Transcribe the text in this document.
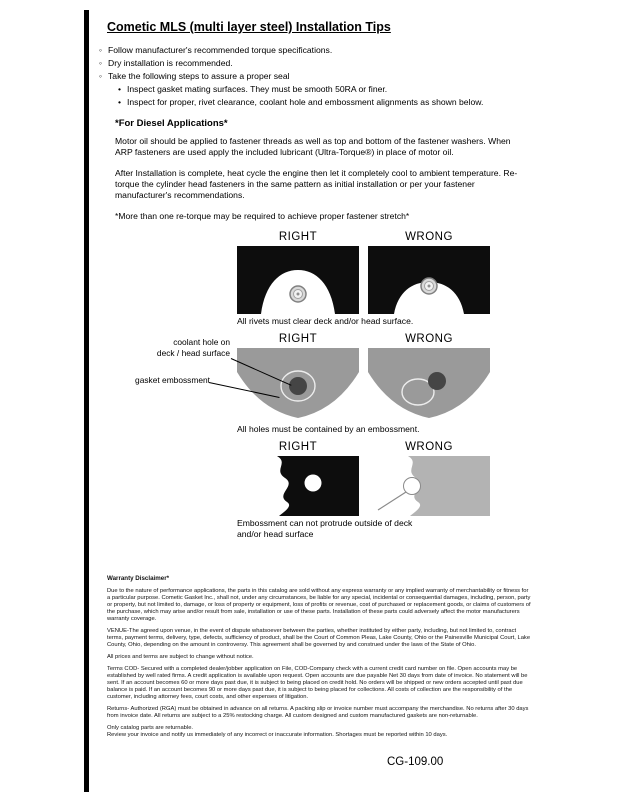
Cometic MLS (multi layer steel) Installation Tips
◦ Follow manufacturer's recommended torque specifications.
◦ Dry installation is recommended.
◦ Take the following steps to assure a proper seal
• Inspect gasket mating surfaces. They must be smooth 50RA or finer.
• Inspect for proper, rivet clearance, coolant hole and embossment alignments as shown below.
*For Diesel Applications*

Motor oil should be applied to fastener threads as well as top and bottom of the fastener washers. When ARP fasteners are used apply the included lubricant (Ultra-Torque®) in place of motor oil.

After Installation is complete, heat cycle the engine then let it completely cool to ambient temperature. Re-torque the cylinder head fasteners in the same pattern as initial installation or per your fastener manufacturer's recommendations.

*More than one re-torque may be required to achieve proper fastener stretch*

RIGHT	WRONG
All rivets must clear deck and/or head surface.
coolant hole on
deck / head surface
gasket embossment
RIGHT	WRONG
All holes must be contained by an embossment.
RIGHT	WRONG
Embossment can not protrude outside of deck and/or head surface
Warranty Disclaimer*

Due to the nature of performance applications, the parts in this catalog are sold without any express warranty or any implied warranty of merchantability or fitness for a particular purpose. Cometic Gasket Inc., shall not, under any circumstances, be liable for any special, incidental or consequential damages, including, person, party or property, but not limited to, damage, or loss of property or equipment, loss of profits or revenue, cost of purchased or replacement goods, or claims of customers of the purchase, which may arise and/or result from sale, installation or use of these parts. Installation of these parts could adversely affect the motor manufacturers warranty coverage.

VENUE-The agreed upon venue, in the event of dispute whatsoever between the parties, whether instituted by either party, including, but not limited to, contract terms, payment terms, delivery, type, defects, sufficiency of product, shall be the Court of Common Pleas, Lake County, Ohio or the Painesville Municipal Court, Lake County, Ohio, depending on the amount in controversy. This agreement shall be governed by and construed under the laws of the State of Ohio.

All prices and terms are subject to change without notice.

Terms COD- Secured with a completed dealer/jobber application on File, COD-Company check with a current credit card number on file. Open accounts may be established by well rated firms. A credit application is available upon request. Open accounts are due payable Net 30 days from date of invoice. No statement will be sent. If an account becomes 60 or more days past due, it is subject to being placed on credit hold. No orders will be shipped or new orders accepted until past due balance is paid. If an account becomes 90 or more days past due, it is subject to being placed for collections. All costs of collection are the responsibility of the customer, including attorney fees, court costs, and other expenses of litigation.

Returns- Authorized (RGA) must be obtained in advance on all returns. A packing slip or invoice number must accompany the merchandise. No returns after 30 days from invoice date. All returns are subject to a 25% restocking charge. All custom designed and custom manufactured gaskets are non-returnable.

Only catalog parts are returnable.

Review your invoice and notify us immediately of any incorrect or inaccurate information. Shortages must be reported within 10 days.

CG-109.00
